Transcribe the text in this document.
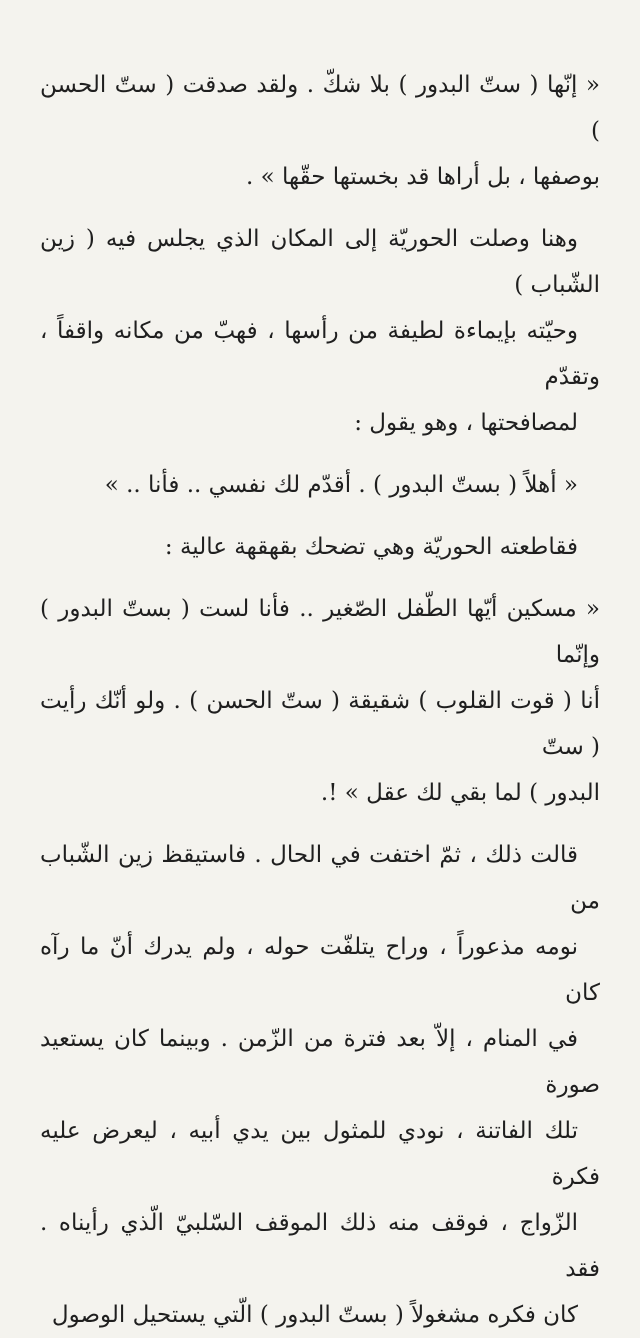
« إنّها ( ستّ البدور ) بلا شكّ . ولقد صدقت ( ستّ الحسن )
بوصفها ، بل أراها قد بخستها حقّها » .

وهنا وصلت الحوريّة إلى المكان الذي يجلس فيه ( زين الشّباب )
وحيّته بإيماءة لطيفة من رأسها ، فهبّ من مكانه واقفاً ، وتقدّم
لمصافحتها ، وهو يقول :

« أهلاً ( بستّ البدور ) . أقدّم لك نفسي .. فأنا .. »

فقاطعته الحوريّة وهي تضحك بقهقهة عالية :

« مسكين أيّها الطّفل الصّغير .. فأنا لست ( بستّ البدور ) وإنّما
أنا ( قوت القلوب ) شقيقة ( ستّ الحسن ) . ولو أنّك رأيت ( ستّ
البدور ) لما بقي لك عقل » !.

قالت ذلك ، ثمّ اختفت في الحال . فاستيقظ زين الشّباب من
نومه مذعوراً ، وراح يتلفّت حوله ، ولم يدرك أنّ ما رآه كان
في المنام ، إلاّ بعد فترة من الزّمن . وبينما كان يستعيد صورة
تلك الفاتنة ، نودي للمثول بين يدي أبيه ، ليعرض عليه فكرة
الزّواج ، فوقف منه ذلك الموقف السّلبيّ الّذي رأيناه . فقد
كان فكره مشغولاً ( بستّ البدور ) الّتي يستحيل الوصول
